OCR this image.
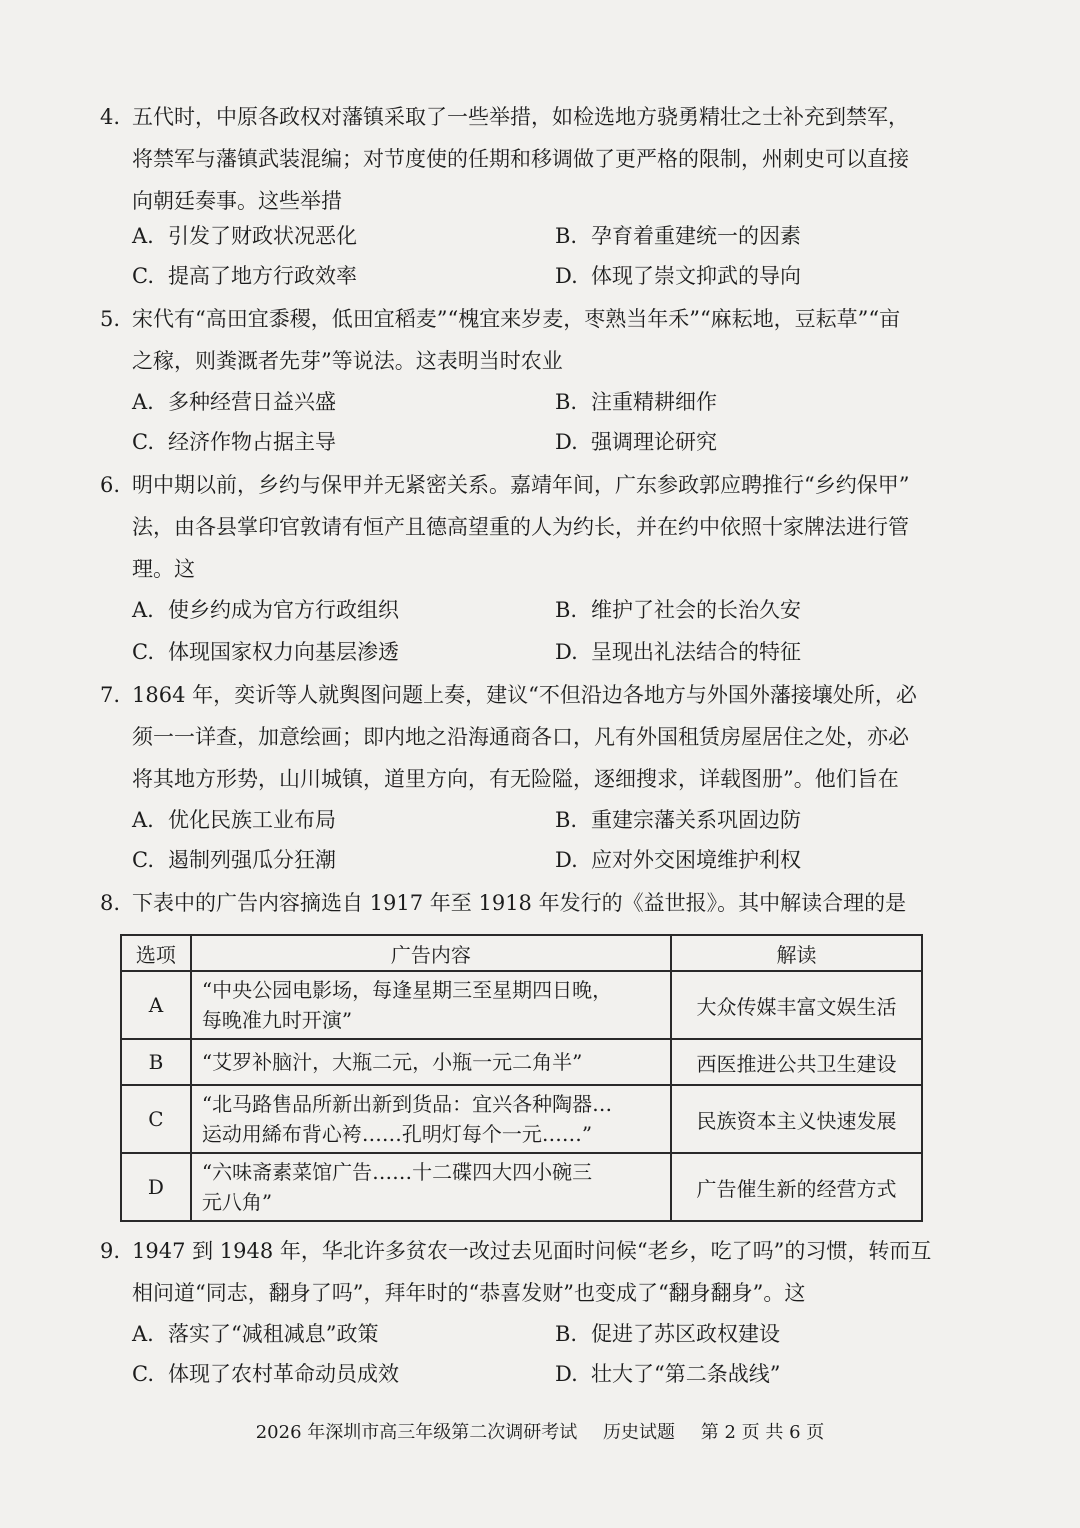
4. 五代时，中原各政权对藩镇采取了一些举措，如检选地方骁勇精壮之士补充到禁军，
将禁军与藩镇武装混编；对节度使的任期和移调做了更严格的限制，州刺史可以直接
向朝廷奏事。这些举措
A. 引发了财政状况恶化	B. 孕育着重建统一的因素
C. 提高了地方行政效率	D. 体现了崇文抑武的导向
5. 宋代有“高田宜黍稷，低田宜稻麦”“槐宜来岁麦，枣熟当年禾”“麻耘地，豆耘草”“亩
之稼，则粪溉者先芽”等说法。这表明当时农业
A. 多种经营日益兴盛	B. 注重精耕细作
C. 经济作物占据主导	D. 强调理论研究
6. 明中期以前，乡约与保甲并无紧密关系。嘉靖年间，广东参政郭应聘推行“乡约保甲”
法，由各县掌印官敦请有恒产且德高望重的人为约长，并在约中依照十家牌法进行管
理。这
A. 使乡约成为官方行政组织	B. 维护了社会的长治久安
C. 体现国家权力向基层渗透	D. 呈现出礼法结合的特征
7. 1864 年，奕䜣等人就舆图问题上奏，建议“不但沿边各地方与外国外藩接壤处所，必
须一一详查，加意绘画；即内地之沿海通商各口，凡有外国租赁房屋居住之处，亦必
将其地方形势，山川城镇，道里方向，有无险隘，逐细搜求，详载图册”。他们旨在
A. 优化民族工业布局	B. 重建宗藩关系巩固边防
C. 遏制列强瓜分狂潮	D. 应对外交困境维护利权
8. 下表中的广告内容摘选自 1917 年至 1918 年发行的《益世报》。其中解读合理的是
选项	广告内容	解读
A	“中央公园电影场，每逢星期三至星期四日晚，
每晚准九时开演”	大众传媒丰富文娱生活
B	“艾罗补脑汁，大瓶二元，小瓶一元二角半”	西医推进公共卫生建设
C	“北马路售品所新出新到货品：宜兴各种陶器…
运动用絺布背心袴……孔明灯每个一元……”	民族资本主义快速发展
D	“六味斋素菜馆广告……十二碟四大四小碗三
元八角”	广告催生新的经营方式
9. 1947 到 1948 年，华北许多贫农一改过去见面时问候“老乡，吃了吗”的习惯，转而互
相问道“同志，翻身了吗”，拜年时的“恭喜发财”也变成了“翻身翻身”。这
A. 落实了“减租减息”政策	B. 促进了苏区政权建设
C. 体现了农村革命动员成效	D. 壮大了“第二条战线”
2026 年深圳市高三年级第二次调研考试 历史试题 第 2 页 共 6 页
